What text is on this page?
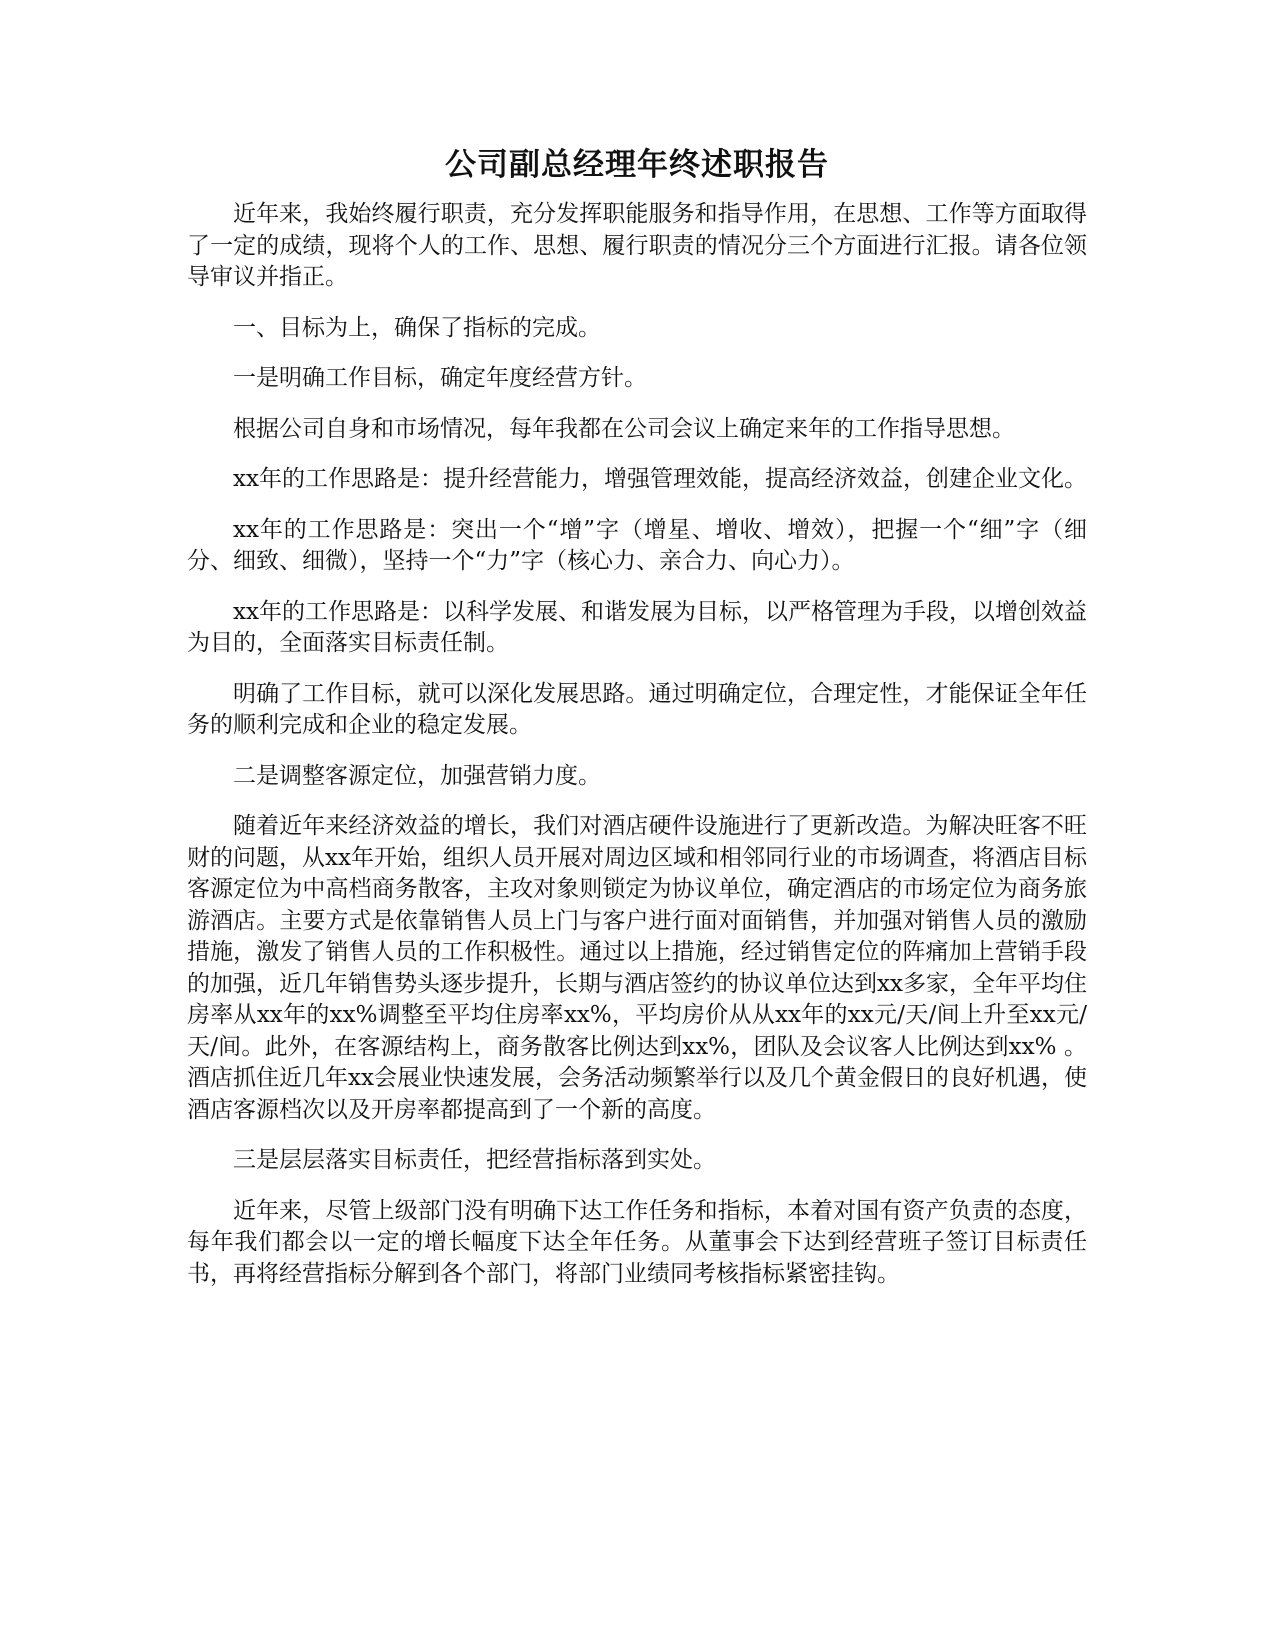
公司副总经理年终述职报告

近年来，我始终履行职责，充分发挥职能服务和指导作用，在思想、工作等方面取得了一定的成绩，现将个人的工作、思想、履行职责的情况分三个方面进行汇报。请各位领导审议并指正。

一、目标为上，确保了指标的完成。

一是明确工作目标，确定年度经营方针。

根据公司自身和市场情况，每年我都在公司会议上确定来年的工作指导思想。

xx年的工作思路是：提升经营能力，增强管理效能，提高经济效益，创建企业文化。

xx年的工作思路是：突出一个“增”字（增星、增收、增效），把握一个“细”字（细分、细致、细微），坚持一个“力”字（核心力、亲合力、向心力）。

xx年的工作思路是：以科学发展、和谐发展为目标，以严格管理为手段，以增创效益为目的，全面落实目标责任制。

明确了工作目标，就可以深化发展思路。通过明确定位，合理定性，才能保证全年任务的顺利完成和企业的稳定发展。

二是调整客源定位，加强营销力度。

随着近年来经济效益的增长，我们对酒店硬件设施进行了更新改造。为解决旺客不旺财的问题，从xx年开始，组织人员开展对周边区域和相邻同行业的市场调查，将酒店目标客源定位为中高档商务散客，主攻对象则锁定为协议单位，确定酒店的市场定位为商务旅游酒店。主要方式是依靠销售人员上门与客户进行面对面销售，并加强对销售人员的激励措施，激发了销售人员的工作积极性。通过以上措施，经过销售定位的阵痛加上营销手段的加强，近几年销售势头逐步提升，长期与酒店签约的协议单位达到xx多家，全年平均住房率从xx年的xx%调整至平均住房率xx%，平均房价从从xx年的xx元/天/间上升至xx元/天/间。此外，在客源结构上，商务散客比例达到xx%，团队及会议客人比例达到xx% 。酒店抓住近几年xx会展业快速发展，会务活动频繁举行以及几个黄金假日的良好机遇，使酒店客源档次以及开房率都提高到了一个新的高度。

三是层层落实目标责任，把经营指标落到实处。

近年来，尽管上级部门没有明确下达工作任务和指标，本着对国有资产负责的态度，每年我们都会以一定的增长幅度下达全年任务。从董事会下达到经营班子签订目标责任书，再将经营指标分解到各个部门，将部门业绩同考核指标紧密挂钩。
